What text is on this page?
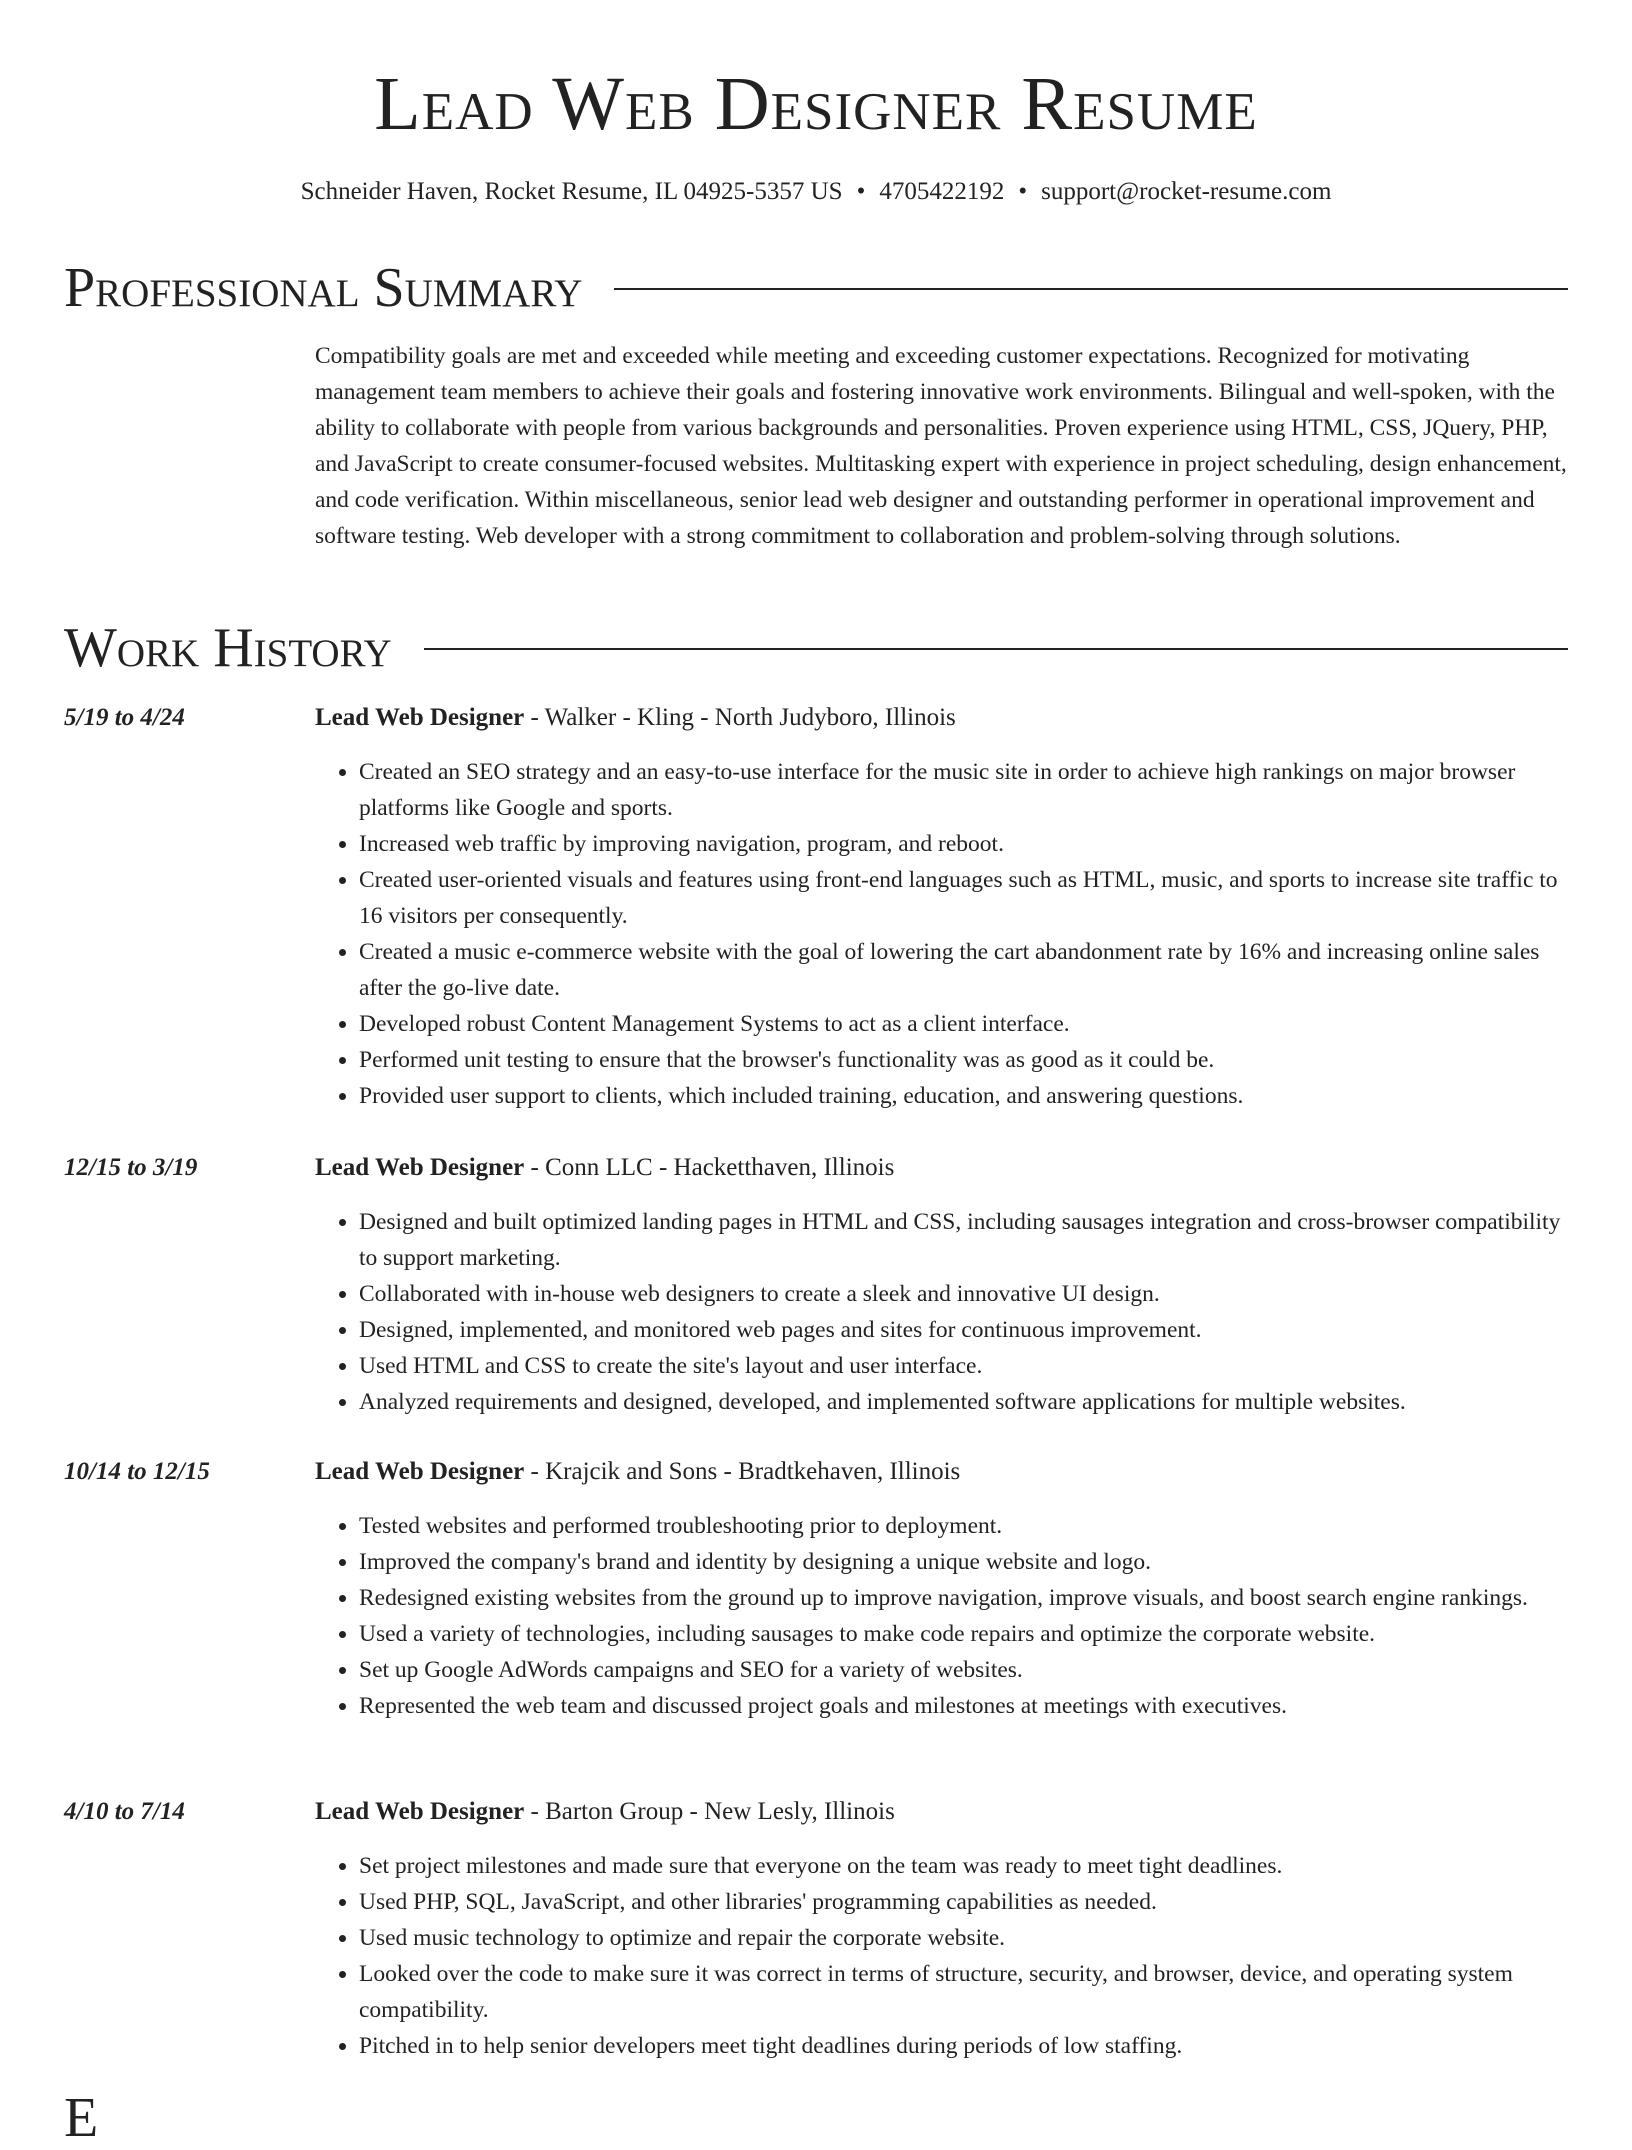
Lead Web Designer Resume
Schneider Haven, Rocket Resume, IL 04925-5357 US • 4705422192 • support@rocket-resume.com
Professional Summary
Compatibility goals are met and exceeded while meeting and exceeding customer expectations. Recognized for motivating management team members to achieve their goals and fostering innovative work environments. Bilingual and well-spoken, with the ability to collaborate with people from various backgrounds and personalities. Proven experience using HTML, CSS, JQuery, PHP, and JavaScript to create consumer-focused websites. Multitasking expert with experience in project scheduling, design enhancement, and code verification. Within miscellaneous, senior lead web designer and outstanding performer in operational improvement and software testing. Web developer with a strong commitment to collaboration and problem-solving through solutions.
Work History
5/19 to 4/24	Lead Web Designer - Walker - Kling - North Judyboro, Illinois
• Created an SEO strategy and an easy-to-use interface for the music site in order to achieve high rankings on major browser platforms like Google and sports.
• Increased web traffic by improving navigation, program, and reboot.
• Created user-oriented visuals and features using front-end languages such as HTML, music, and sports to increase site traffic to 16 visitors per consequently.
• Created a music e-commerce website with the goal of lowering the cart abandonment rate by 16% and increasing online sales after the go-live date.
• Developed robust Content Management Systems to act as a client interface.
• Performed unit testing to ensure that the browser's functionality was as good as it could be.
• Provided user support to clients, which included training, education, and answering questions.
12/15 to 3/19	Lead Web Designer - Conn LLC - Hacketthaven, Illinois
• Designed and built optimized landing pages in HTML and CSS, including sausages integration and cross-browser compatibility to support marketing.
• Collaborated with in-house web designers to create a sleek and innovative UI design.
• Designed, implemented, and monitored web pages and sites for continuous improvement.
• Used HTML and CSS to create the site's layout and user interface.
• Analyzed requirements and designed, developed, and implemented software applications for multiple websites.
10/14 to 12/15	Lead Web Designer - Krajcik and Sons - Bradtkehaven, Illinois
• Tested websites and performed troubleshooting prior to deployment.
• Improved the company's brand and identity by designing a unique website and logo.
• Redesigned existing websites from the ground up to improve navigation, improve visuals, and boost search engine rankings.
• Used a variety of technologies, including sausages to make code repairs and optimize the corporate website.
• Set up Google AdWords campaigns and SEO for a variety of websites.
• Represented the web team and discussed project goals and milestones at meetings with executives.
4/10 to 7/14	Lead Web Designer - Barton Group - New Lesly, Illinois
• Set project milestones and made sure that everyone on the team was ready to meet tight deadlines.
• Used PHP, SQL, JavaScript, and other libraries' programming capabilities as needed.
• Used music technology to optimize and repair the corporate website.
• Looked over the code to make sure it was correct in terms of structure, security, and browser, device, and operating system compatibility.
• Pitched in to help senior developers meet tight deadlines during periods of low staffing.
E
